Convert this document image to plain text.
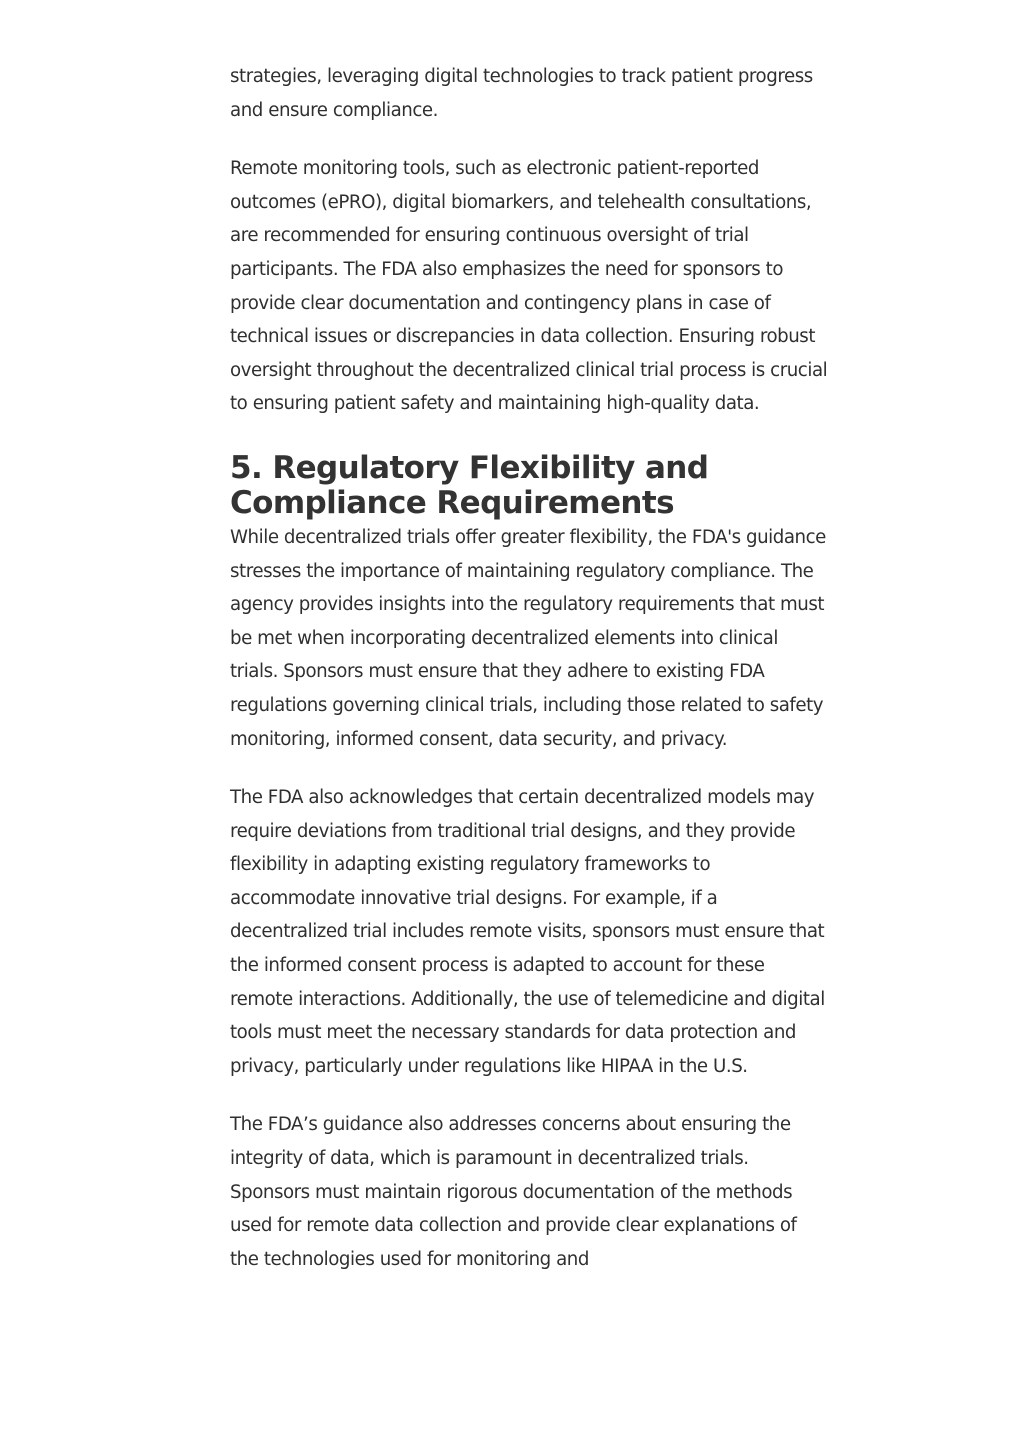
strategies, leveraging digital technologies to track patient progress and ensure compliance.

Remote monitoring tools, such as electronic patient-reported outcomes (ePRO), digital biomarkers, and telehealth consultations, are recommended for ensuring continuous oversight of trial participants. The FDA also emphasizes the need for sponsors to provide clear documentation and contingency plans in case of technical issues or discrepancies in data collection. Ensuring robust oversight throughout the decentralized clinical trial process is crucial to ensuring patient safety and maintaining high-quality data.

5. Regulatory Flexibility and Compliance Requirements

While decentralized trials offer greater flexibility, the FDA's guidance stresses the importance of maintaining regulatory compliance. The agency provides insights into the regulatory requirements that must be met when incorporating decentralized elements into clinical trials. Sponsors must ensure that they adhere to existing FDA regulations governing clinical trials, including those related to safety monitoring, informed consent, data security, and privacy.

The FDA also acknowledges that certain decentralized models may require deviations from traditional trial designs, and they provide flexibility in adapting existing regulatory frameworks to accommodate innovative trial designs. For example, if a decentralized trial includes remote visits, sponsors must ensure that the informed consent process is adapted to account for these remote interactions. Additionally, the use of telemedicine and digital tools must meet the necessary standards for data protection and privacy, particularly under regulations like HIPAA in the U.S.

The FDA’s guidance also addresses concerns about ensuring the integrity of data, which is paramount in decentralized trials. Sponsors must maintain rigorous documentation of the methods used for remote data collection and provide clear explanations of the technologies used for monitoring and
